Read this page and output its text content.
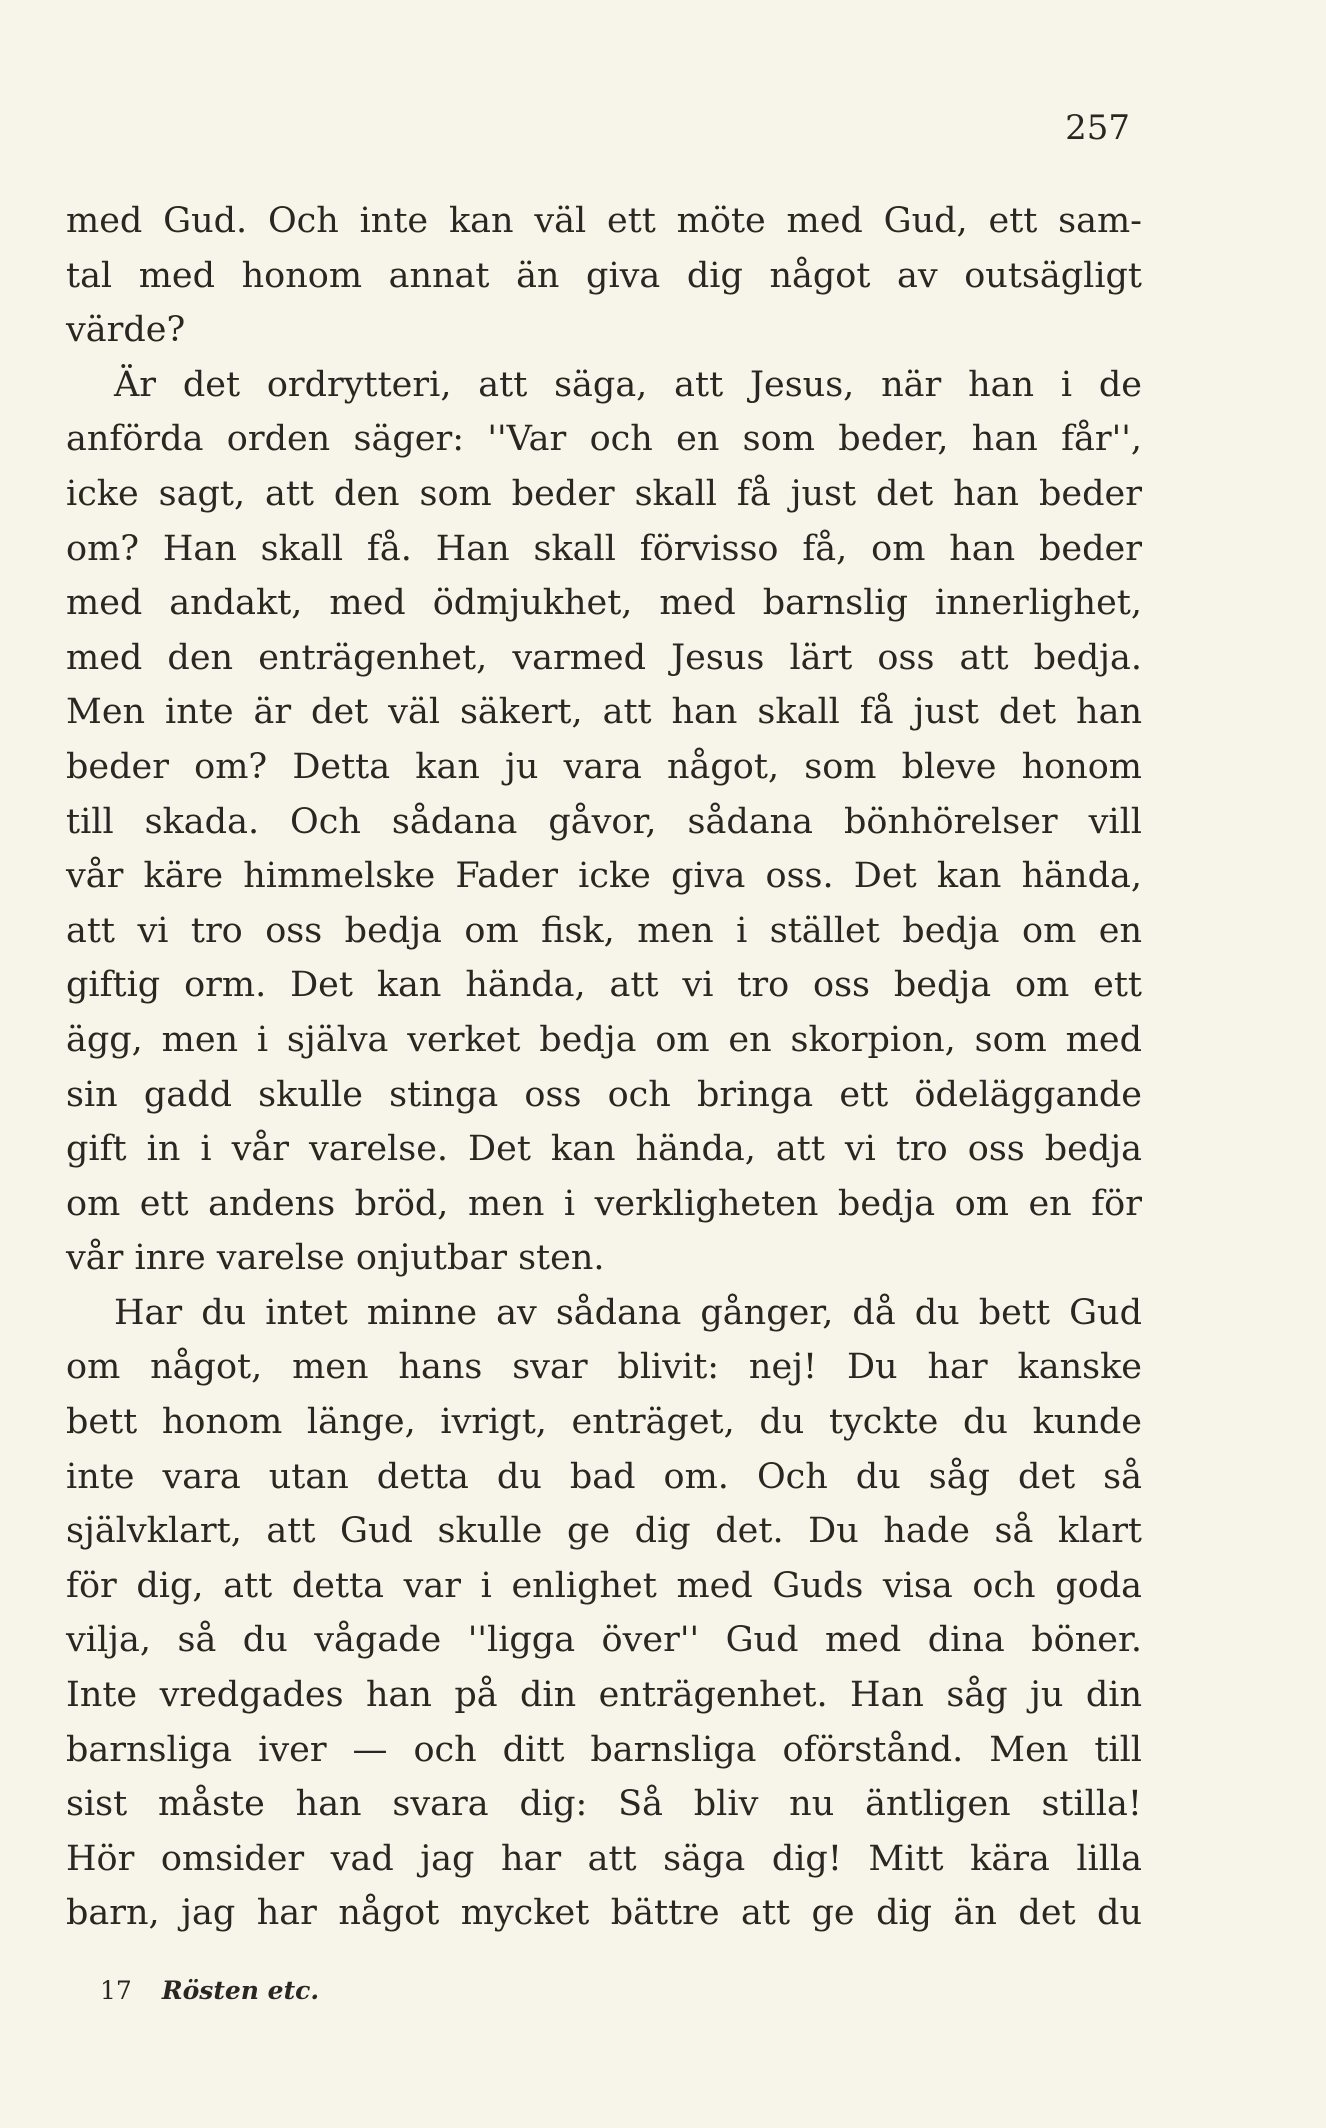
257
med Gud. Och inte kan väl ett möte med Gud, ett sam-
tal med honom annat än giva dig något av outsägligt
värde?
Är det ordrytteri, att säga, att Jesus, när han i de
anförda orden säger: ''Var och en som beder, han får'',
icke sagt, att den som beder skall få just det han beder
om? Han skall få. Han skall förvisso få, om han beder
med andakt, med ödmjukhet, med barnslig innerlighet,
med den enträgenhet, varmed Jesus lärt oss att bedja.
Men inte är det väl säkert, att han skall få just det han
beder om? Detta kan ju vara något, som bleve honom
till skada. Och sådana gåvor, sådana bönhörelser vill
vår käre himmelske Fader icke giva oss. Det kan hända,
att vi tro oss bedja om fisk, men i stället bedja om en
giftig orm. Det kan hända, att vi tro oss bedja om ett
ägg, men i själva verket bedja om en skorpion, som med
sin gadd skulle stinga oss och bringa ett ödeläggande
gift in i vår varelse. Det kan hända, att vi tro oss bedja
om ett andens bröd, men i verkligheten bedja om en för
vår inre varelse onjutbar sten.
Har du intet minne av sådana gånger, då du bett Gud
om något, men hans svar blivit: nej! Du har kanske
bett honom länge, ivrigt, enträget, du tyckte du kunde
inte vara utan detta du bad om. Och du såg det så
självklart, att Gud skulle ge dig det. Du hade så klart
för dig, att detta var i enlighet med Guds visa och goda
vilja, så du vågade ''ligga över'' Gud med dina böner.
Inte vredgades han på din enträgenhet. Han såg ju din
barnsliga iver — och ditt barnsliga oförstånd. Men till
sist måste han svara dig: Så bliv nu äntligen stilla!
Hör omsider vad jag har att säga dig! Mitt kära lilla
barn, jag har något mycket bättre att ge dig än det du
17 Rösten etc.
